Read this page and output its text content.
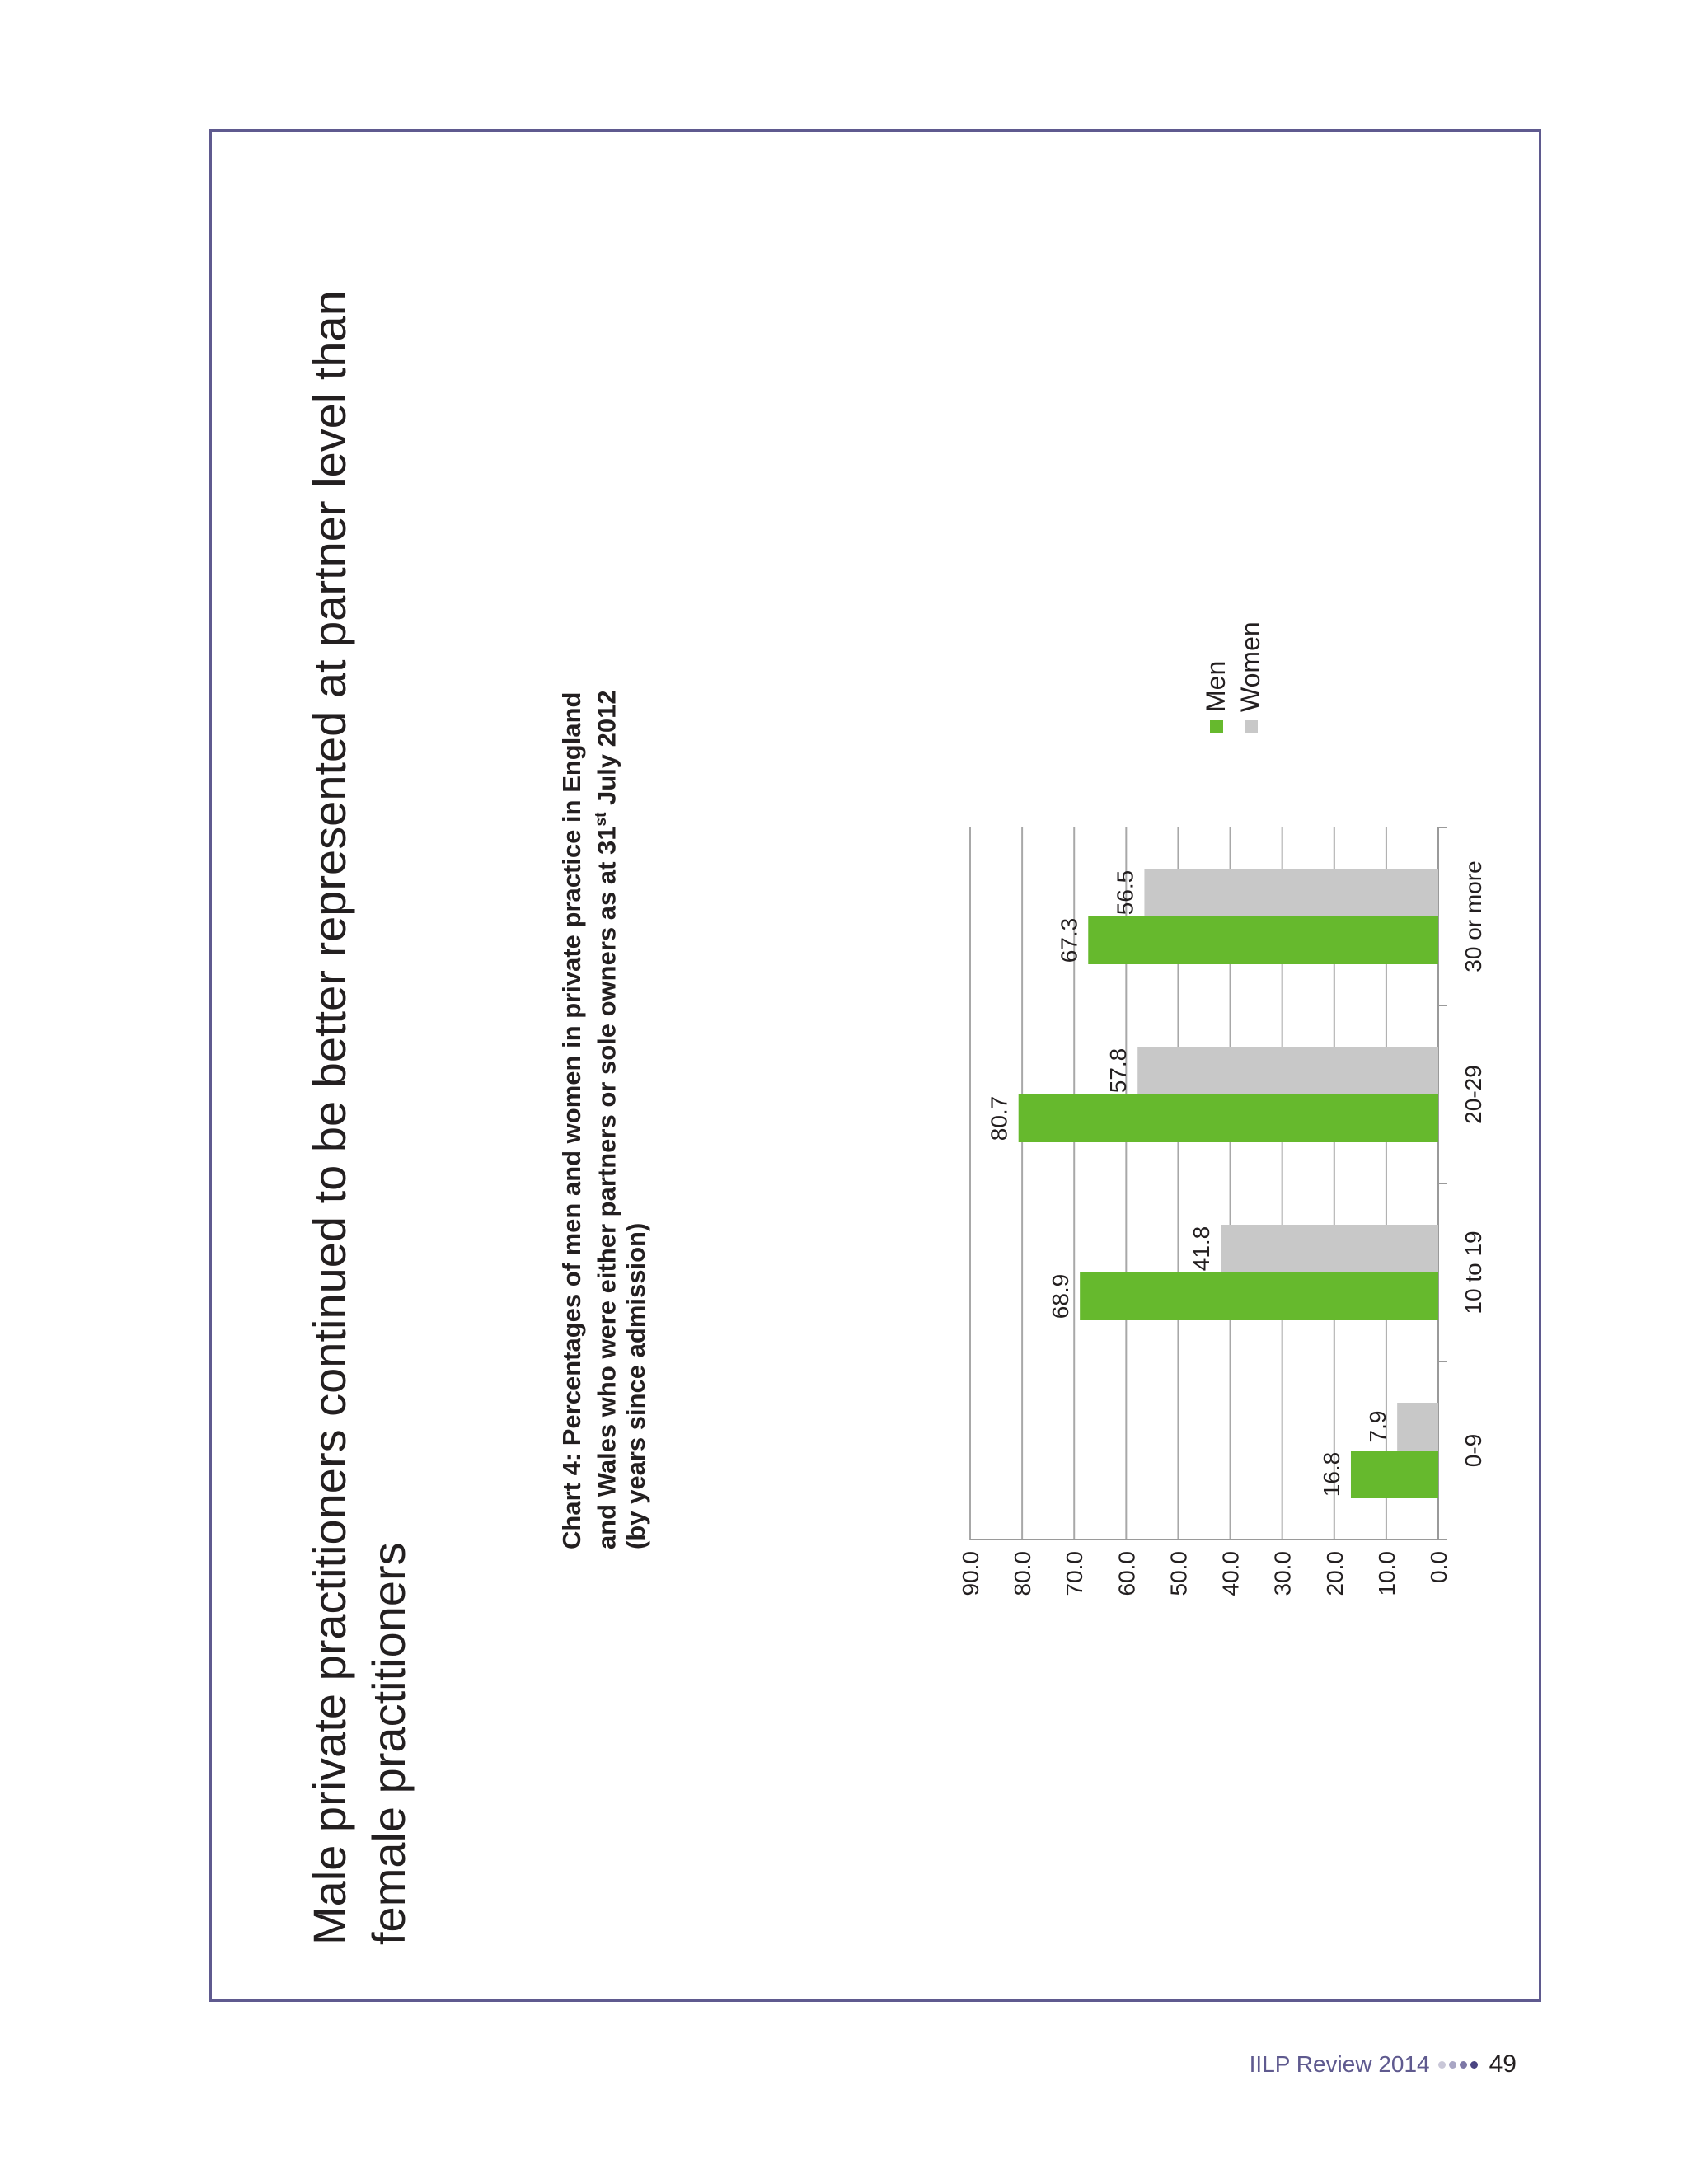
Male private practitioners continued to be better represented at partner level than female practitioners
Chart 4: Percentages of men and women in private practice in England and Wales who were either partners or sole owners as at 31st July 2012
(by years since admission)
0.0
10.0
20.0
30.0
40.0
50.0
60.0
70.0
80.0
90.0
0-9
16.8
7.9
10 to 19
68.9
41.8
20-29
80.7
57.8
30 or more
67.3
56.5
Men Women
IILP Review 2014 49
